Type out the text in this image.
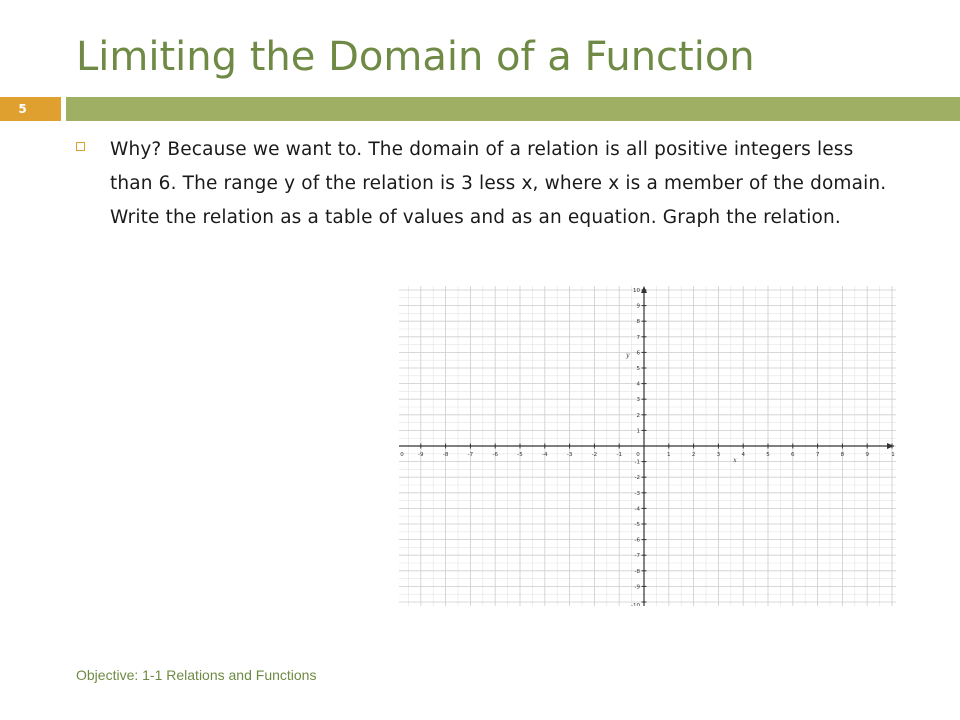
Limiting the Domain of a Function
5
Why? Because we want to. The domain of a relation is all positive integers less than 6. The range y of the relation is 3 less x, where x is a member of the domain. Write the relation as a table of values and as an equation. Graph the relation.
0	-9	-8	-7	-6	-5	-4	-3	-2	-1	0	1	2	3	4	5	6	7	8	9	1
10
9
8
7
6
5
4
3
2
1
-1
-2
-3
-4
-5
-6
-7
-8
-9
-10
x
y
Objective: 1-1 Relations and Functions
